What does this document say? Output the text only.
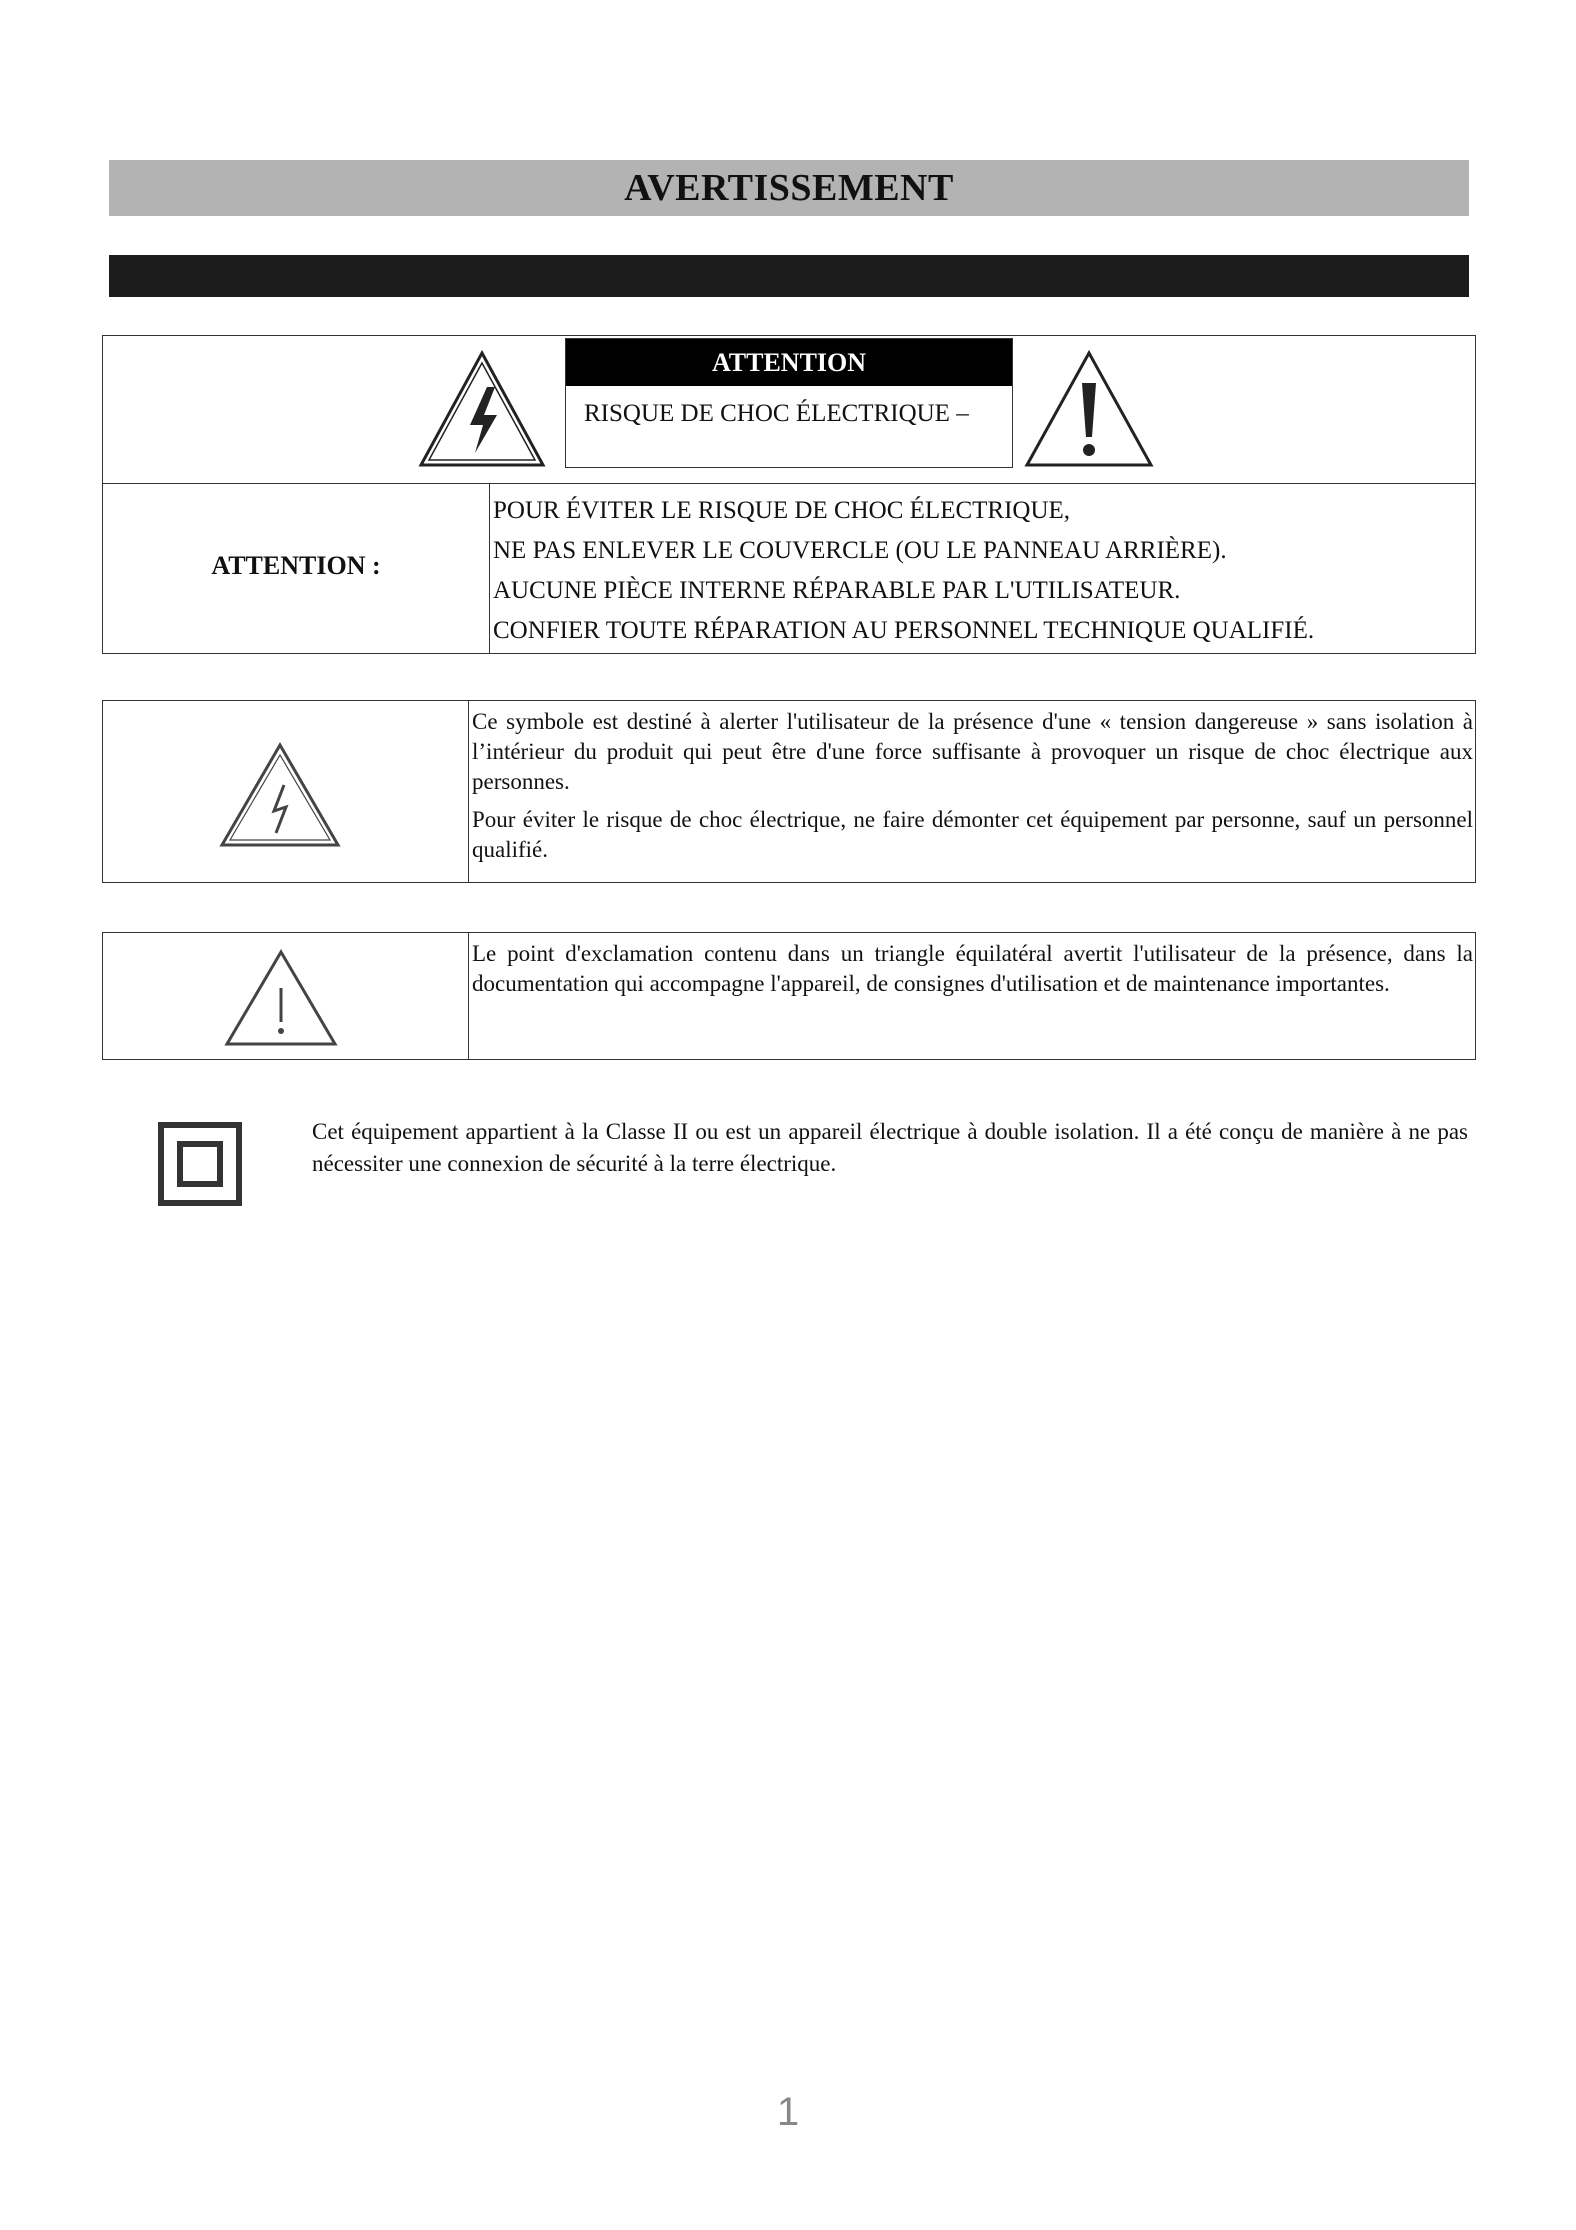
AVERTISSEMENT
ATTENTION
RISQUE DE CHOC ÉLECTRIQUE –
ATTENTION :
POUR ÉVITER LE RISQUE DE CHOC ÉLECTRIQUE,
NE PAS ENLEVER LE COUVERCLE (OU LE PANNEAU ARRIÈRE).
AUCUNE PIÈCE INTERNE RÉPARABLE PAR L'UTILISATEUR.
CONFIER TOUTE RÉPARATION AU PERSONNEL TECHNIQUE QUALIFIÉ.

Ce symbole est destiné à alerter l'utilisateur de la présence d'une « tension dangereuse » sans isolation à l’intérieur du produit qui peut être d'une force suffisante à provoquer un risque de choc électrique aux personnes.

Pour éviter le risque de choc électrique, ne faire démonter cet équipement par personne, sauf un personnel qualifié.

Le point d'exclamation contenu dans un triangle équilatéral avertit l'utilisateur de la présence, dans la documentation qui accompagne l'appareil, de consignes d'utilisation et de maintenance importantes.
Cet équipement appartient à la Classe II ou est un appareil électrique à double isolation. Il a été conçu de manière à ne pas nécessiter une connexion de sécurité à la terre électrique.
1
